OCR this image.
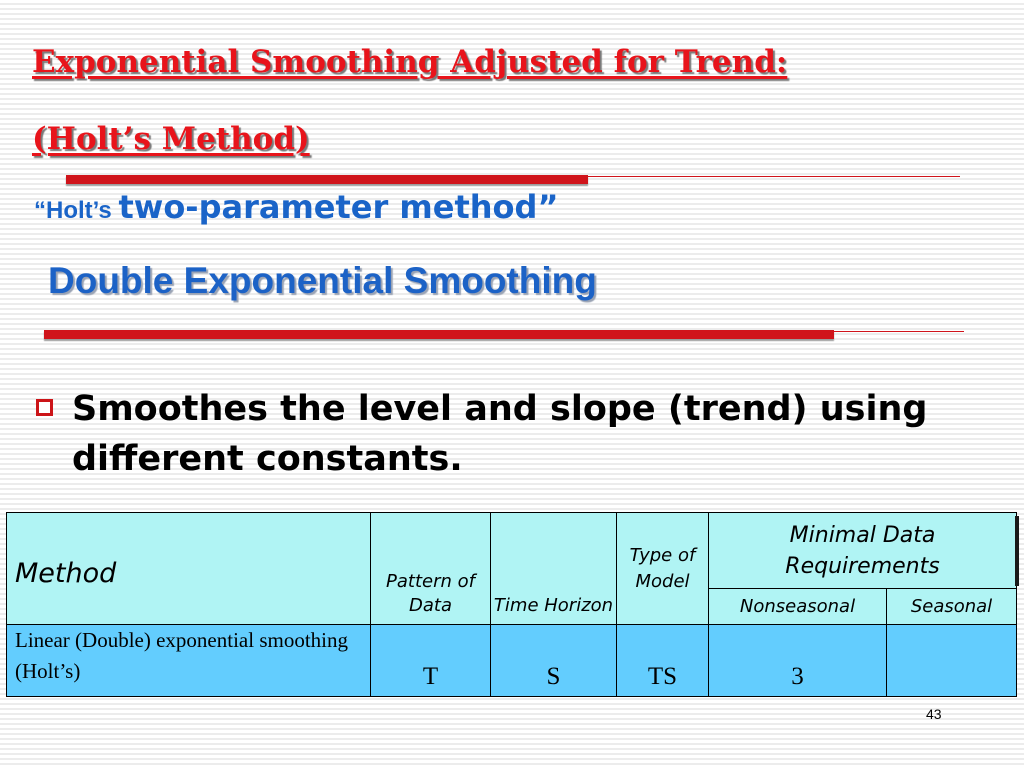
Exponential Smoothing Adjusted for Trend:
(Holt’s Method)
“Holt’s two-parameter method”
Double Exponential Smoothing

Smoothes the level and slope (trend) using different constants.

Method	Pattern of Data	Time Horizon	Type of Model	Minimal Data Requirements	
				Nonseasonal	Seasonal
Linear (Double) exponential smoothing (Holt’s)	T	S	TS	3	
43
